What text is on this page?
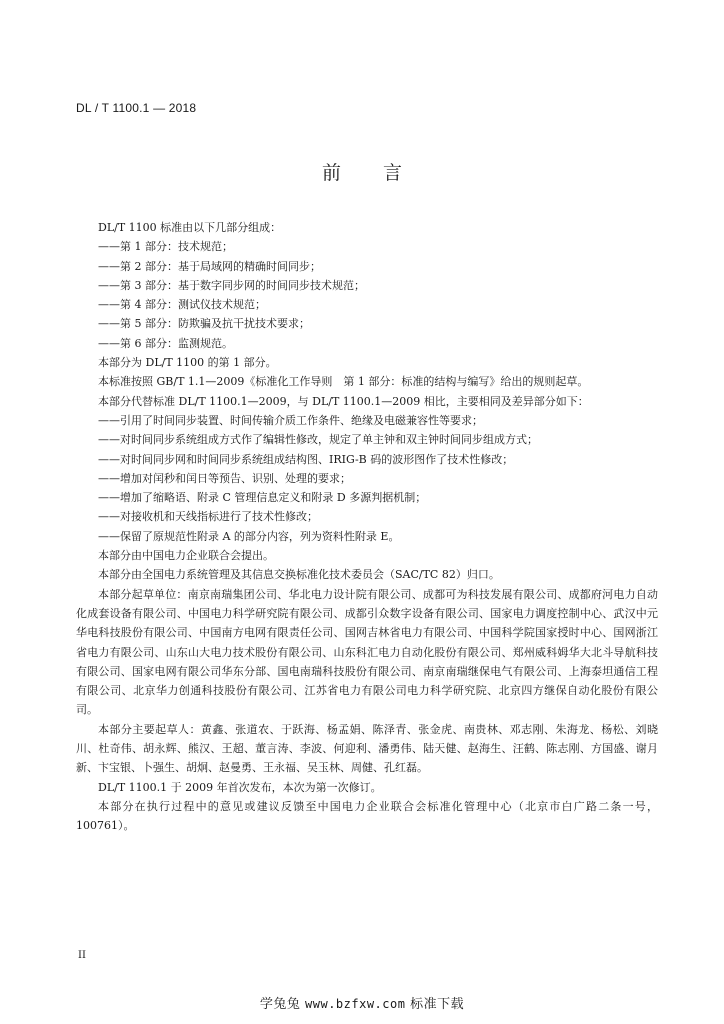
DL / T 1100.1 — 2018
前 言

DL/T 1100 标准由以下几部分组成：

——第 1 部分：技术规范；

——第 2 部分：基于局域网的精确时间同步；

——第 3 部分：基于数字同步网的时间同步技术规范；

——第 4 部分：测试仪技术规范；

——第 5 部分：防欺骗及抗干扰技术要求；

——第 6 部分：监测规范。

本部分为 DL/T 1100 的第 1 部分。

本标准按照 GB/T 1.1—2009《标准化工作导则　第 1 部分：标准的结构与编写》给出的规则起草。

本部分代替标准 DL/T 1100.1—2009，与 DL/T 1100.1—2009 相比，主要相同及差异部分如下：

——引用了时间同步装置、时间传输介质工作条件、绝缘及电磁兼容性等要求；

——对时间同步系统组成方式作了编辑性修改，规定了单主钟和双主钟时间同步组成方式；

——对时间同步网和时间同步系统组成结构图、IRIG-B 码的波形图作了技术性修改；

——增加对闰秒和闰日等预告、识别、处理的要求；

——增加了缩略语、附录 C 管理信息定义和附录 D 多源判据机制；

——对接收机和天线指标进行了技术性修改；

——保留了原规范性附录 A 的部分内容，列为资料性附录 E。

本部分由中国电力企业联合会提出。

本部分由全国电力系统管理及其信息交换标准化技术委员会（SAC/TC 82）归口。

本部分起草单位：南京南瑞集团公司、华北电力设计院有限公司、成都可为科技发展有限公司、成都府河电力自动化成套设备有限公司、中国电力科学研究院有限公司、成都引众数字设备有限公司、国家电力调度控制中心、武汉中元华电科技股份有限公司、中国南方电网有限责任公司、国网吉林省电力有限公司、中国科学院国家授时中心、国网浙江省电力有限公司、山东山大电力技术股份有限公司、山东科汇电力自动化股份有限公司、郑州威科姆华大北斗导航科技有限公司、国家电网有限公司华东分部、国电南瑞科技股份有限公司、南京南瑞继保电气有限公司、上海泰坦通信工程有限公司、北京华力创通科技股份有限公司、江苏省电力有限公司电力科学研究院、北京四方继保自动化股份有限公司。

本部分主要起草人：黄鑫、张道农、于跃海、杨孟娟、陈泽青、张金虎、南贵林、邓志刚、朱海龙、杨松、刘晓川、杜奇伟、胡永辉、熊汉、王超、董言涛、李波、何迎利、潘勇伟、陆天健、赵海生、汪鹤、陈志刚、方国盛、谢月新、卞宝银、卜强生、胡炯、赵曼勇、王永福、吴玉林、周健、孔红磊。

DL/T 1100.1 于 2009 年首次发布，本次为第一次修订。

本部分在执行过程中的意见或建议反馈至中国电力企业联合会标准化管理中心（北京市白广路二条一号，100761）。

II
学兔兔 www.bzfxw.com 标准下载
